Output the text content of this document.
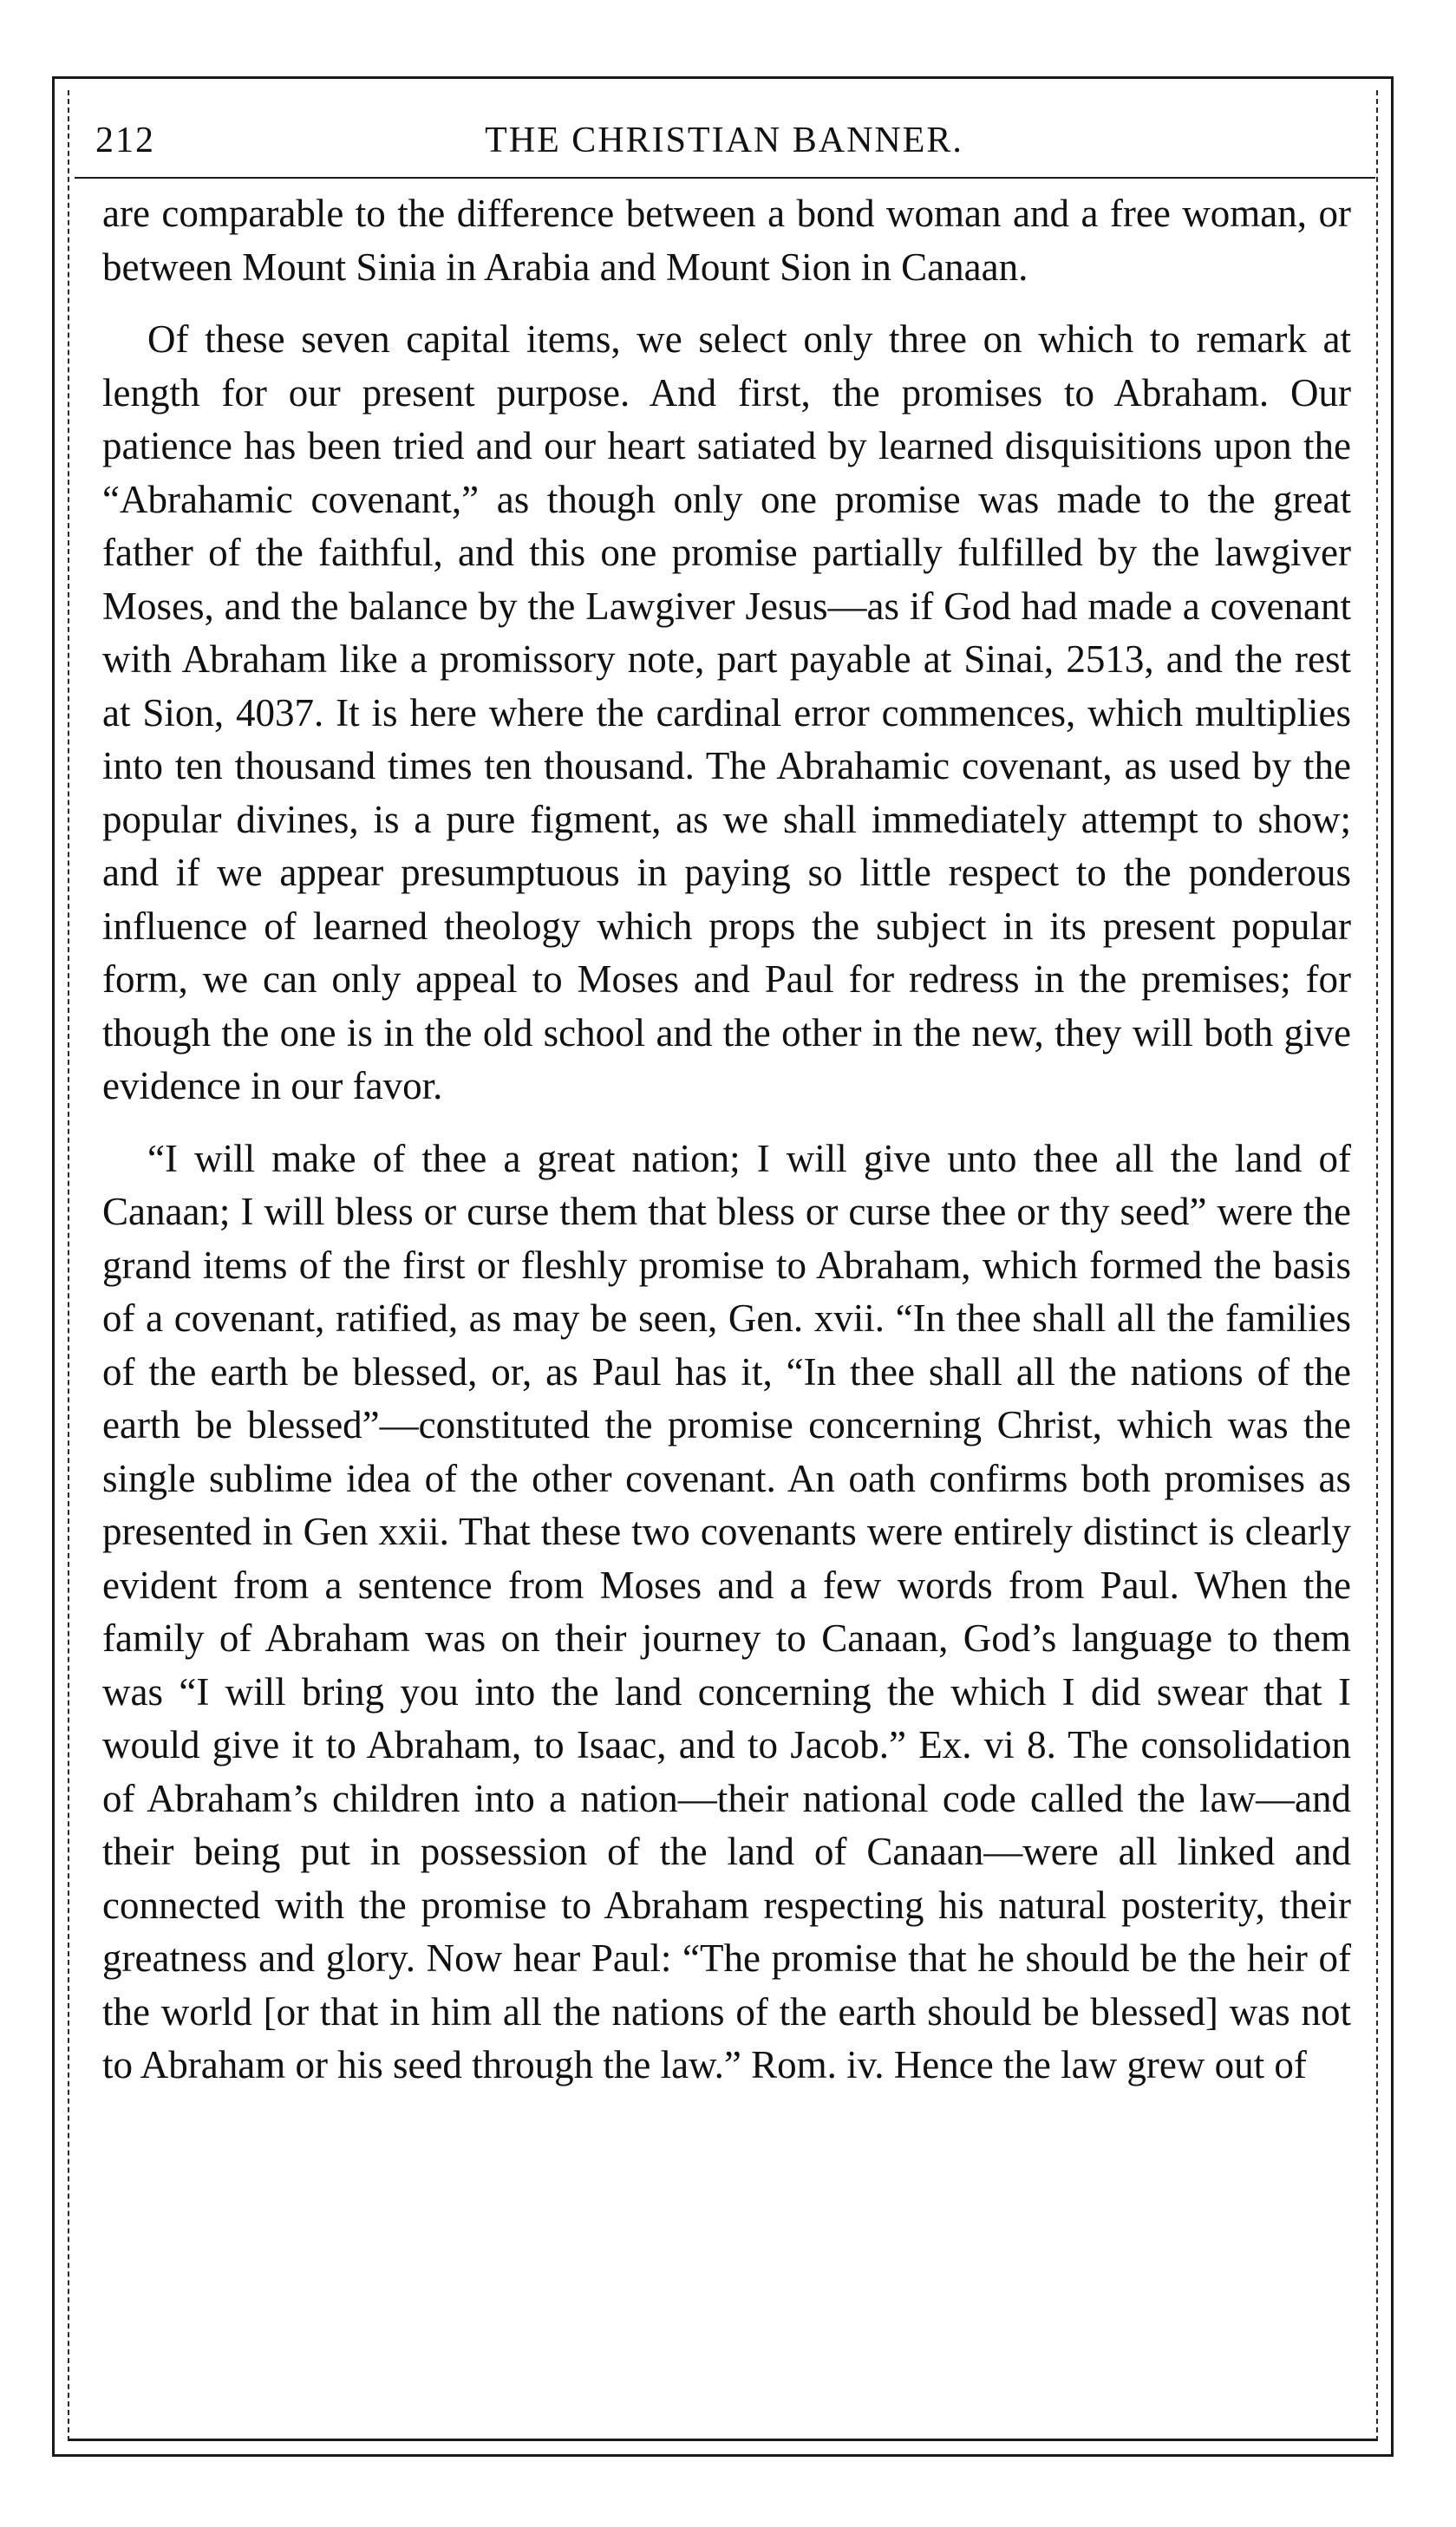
212	THE CHRISTIAN BANNER.

are comparable to the difference between a bond woman and a free woman, or between Mount Sinia in Arabia and Mount Sion in Canaan.

Of these seven capital items, we select only three on which to remark at length for our present purpose. And first, the promises to Abraham. Our patience has been tried and our heart satiated by learned disquisitions upon the “Abrahamic covenant,” as though only one promise was made to the great father of the faithful, and this one promise partially fulfilled by the lawgiver Moses, and the balance by the Lawgiver Jesus—as if God had made a covenant with Abraham like a promissory note, part payable at Sinai, 2513, and the rest at Sion, 4037. It is here where the cardinal error commences, which multiplies into ten thousand times ten thousand. The Abrahamic covenant, as used by the popular divines, is a pure figment, as we shall immediately attempt to show; and if we appear presumptuous in paying so little respect to the ponderous influence of learned theology which props the subject in its present popular form, we can only appeal to Moses and Paul for redress in the premises; for though the one is in the old school and the other in the new, they will both give evidence in our favor.

“I will make of thee a great nation; I will give unto thee all the land of Canaan; I will bless or curse them that bless or curse thee or thy seed” were the grand items of the first or fleshly promise to Abraham, which formed the basis of a covenant, ratified, as may be seen, Gen. xvii. “In thee shall all the families of the earth be blessed, or, as Paul has it, “In thee shall all the nations of the earth be blessed”—constituted the promise concerning Christ, which was the single sublime idea of the other covenant. An oath confirms both promises as presented in Gen xxii. That these two covenants were entirely distinct is clearly evident from a sentence from Moses and a few words from Paul. When the family of Abraham was on their journey to Canaan, God’s language to them was “I will bring you into the land concerning the which I did swear that I would give it to Abraham, to Isaac, and to Jacob.” Ex. vi 8. The consolidation of Abraham’s children into a nation—their national code called the law—and their being put in possession of the land of Canaan—were all linked and connected with the promise to Abraham respecting his natural posterity, their greatness and glory. Now hear Paul: “The promise that he should be the heir of the world [or that in him all the nations of the earth should be blessed] was not to Abraham or his seed through the law.” Rom. iv. Hence the law grew out of
